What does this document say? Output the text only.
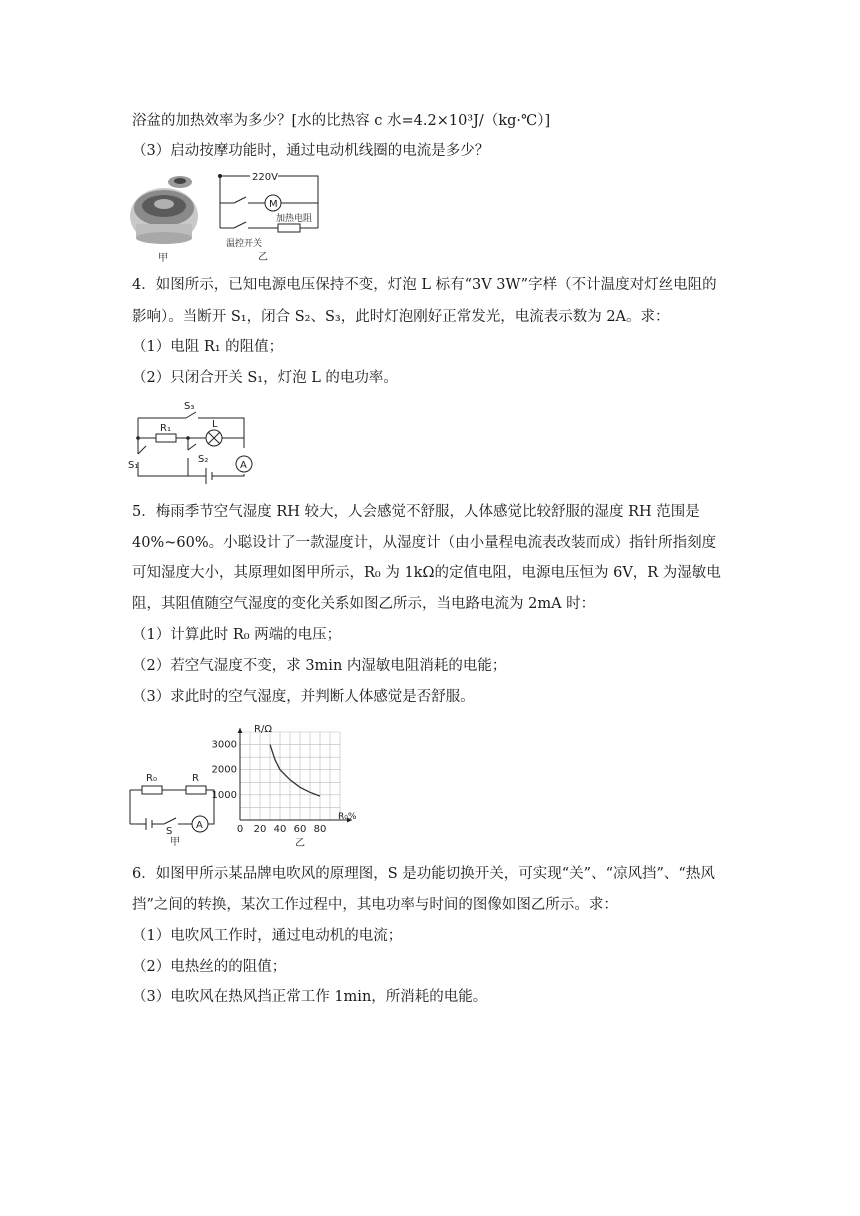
浴盆的加热效率为多少？[水的比热容 c 水=4.2×10³J/（kg·℃）]
（3）启动按摩功能时，通过电动机线圈的电流是多少？
甲
220V
M
加热电阻
温控开关
乙
4．如图所示，已知电源电压保持不变，灯泡 L 标有“3V 3W”字样（不计温度对灯丝电阻的
影响）。当断开 S₁，闭合 S₂、S₃，此时灯泡刚好正常发光，电流表示数为 2A。求：
（1）电阻 R₁ 的阻值；
（2）只闭合开关 S₁，灯泡 L 的电功率。
S₃
R₁	L
S₁
S₂
A
5．梅雨季节空气湿度 RH 较大，人会感觉不舒服，人体感觉比较舒服的湿度 RH 范围是
40%~60%。小聪设计了一款湿度计，从湿度计（由小量程电流表改装而成）指针所指刻度
可知湿度大小，其原理如图甲所示，R₀ 为 1kΩ的定值电阻，电源电压恒为 6V，R 为湿敏电
阻，其阻值随空气湿度的变化关系如图乙所示，当电路电流为 2mA 时：
（1）计算此时 R₀ 两端的电压；
（2）若空气湿度不变，求 3min 内湿敏电阻消耗的电能；
（3）求此时的空气湿度，并判断人体感觉是否舒服。
R₀	R
S
A
甲
0 20 40 60 80
1000
2000
3000
R/Ω
R₀%
乙
6．如图甲所示某品牌电吹风的原理图，S 是功能切换开关，可实现“关”、“凉风挡”、“热风
挡”之间的转换，某次工作过程中，其电功率与时间的图像如图乙所示。求：
（1）电吹风工作时，通过电动机的电流；
（2）电热丝的的阻值；
（3）电吹风在热风挡正常工作 1min，所消耗的电能。
